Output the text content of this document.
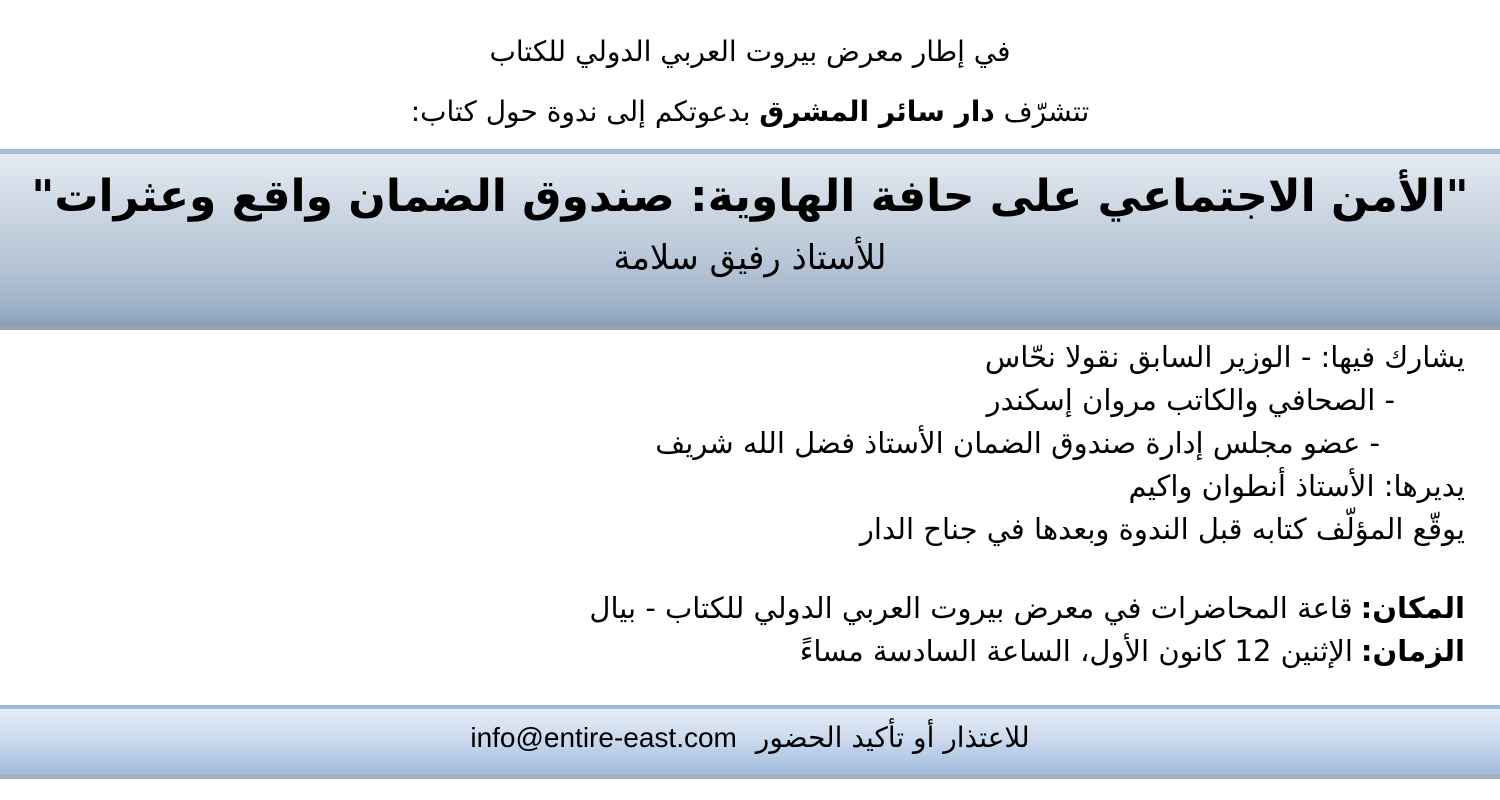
في إطار معرض بيروت العربي الدولي للكتاب
تتشرّف دار سائر المشرق بدعوتكم إلى ندوة حول كتاب:
"الأمن الاجتماعي على حافة الهاوية: صندوق الضمان واقع وعثرات"
للأستاذ رفيق سلامة
يشارك فيها: - الوزير السابق نقولا نحّاس
- الصحافي والكاتب مروان إسكندر
- عضو مجلس إدارة صندوق الضمان الأستاذ فضل الله شريف
يديرها: الأستاذ أنطوان واكيم
يوقّع المؤلّف كتابه قبل الندوة وبعدها في جناح الدار
المكان:قاعة المحاضرات في معرض بيروت العربي الدولي للكتاب - بيال
الزمان:الإثنين 12 كانون الأول، الساعة السادسة مساءً
للاعتذار أو تأكيد الحضور info@entire-east.com
